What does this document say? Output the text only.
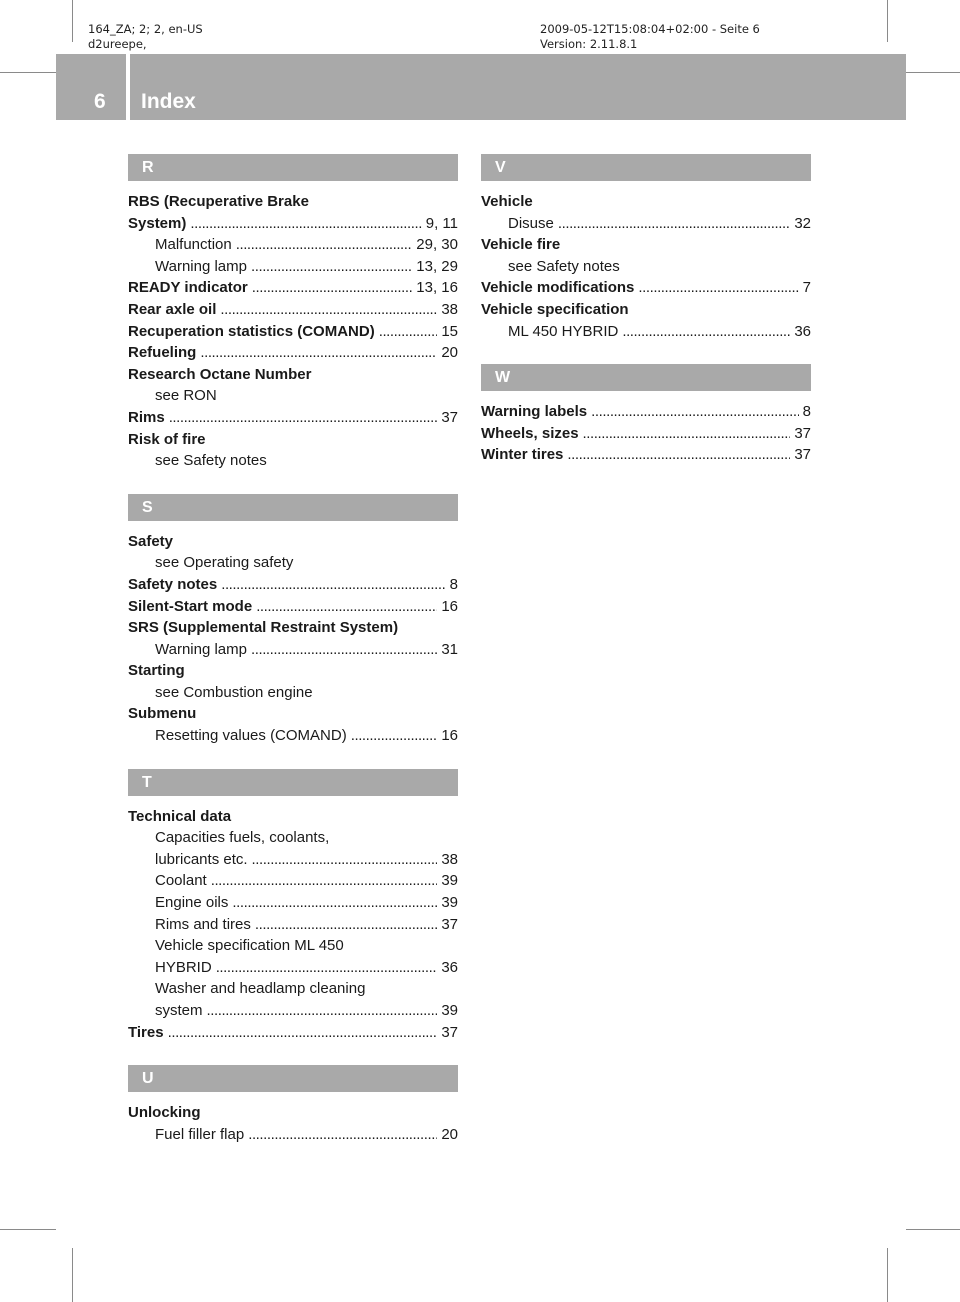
164_ZA; 2; 2, en-US
d2ureepe,
2009-05-12T15:08:04+02:00 - Seite 6
Version: 2.11.8.1
6 Index
R
RBS (Recuperative Brake
System) . . .	9, 11
Malfunction . . .	29, 30
Warning lamp . . .	13, 29
READY indicator . . .	13, 16
Rear axle oil . . .	38
Recuperation statistics (COMAND) . . .	15
Refueling . . .	20
Research Octane Number
see RON
Rims . . .	37
Risk of fire
see Safety notes
S
Safety
see Operating safety
Safety notes . . .	8
Silent-Start mode . . .	16
SRS (Supplemental Restraint System)
Warning lamp . . .	31
Starting
see Combustion engine
Submenu
Resetting values (COMAND) . . .	16
T
Technical data
Capacities fuels, coolants,
lubricants etc. . . .	38
Coolant . . .	39
Engine oils . . .	39
Rims and tires . . .	37
Vehicle specification ML 450
HYBRID . . .	36
Washer and headlamp cleaning
system . . .	39
Tires . . .	37
U
Unlocking
Fuel filler flap . . .	20
V
Vehicle
Disuse . . .	32
Vehicle fire
see Safety notes
Vehicle modifications . . .	7
Vehicle specification
ML 450 HYBRID . . .	36
W
Warning labels . . .	8
Wheels, sizes . . .	37
Winter tires . . .	37
